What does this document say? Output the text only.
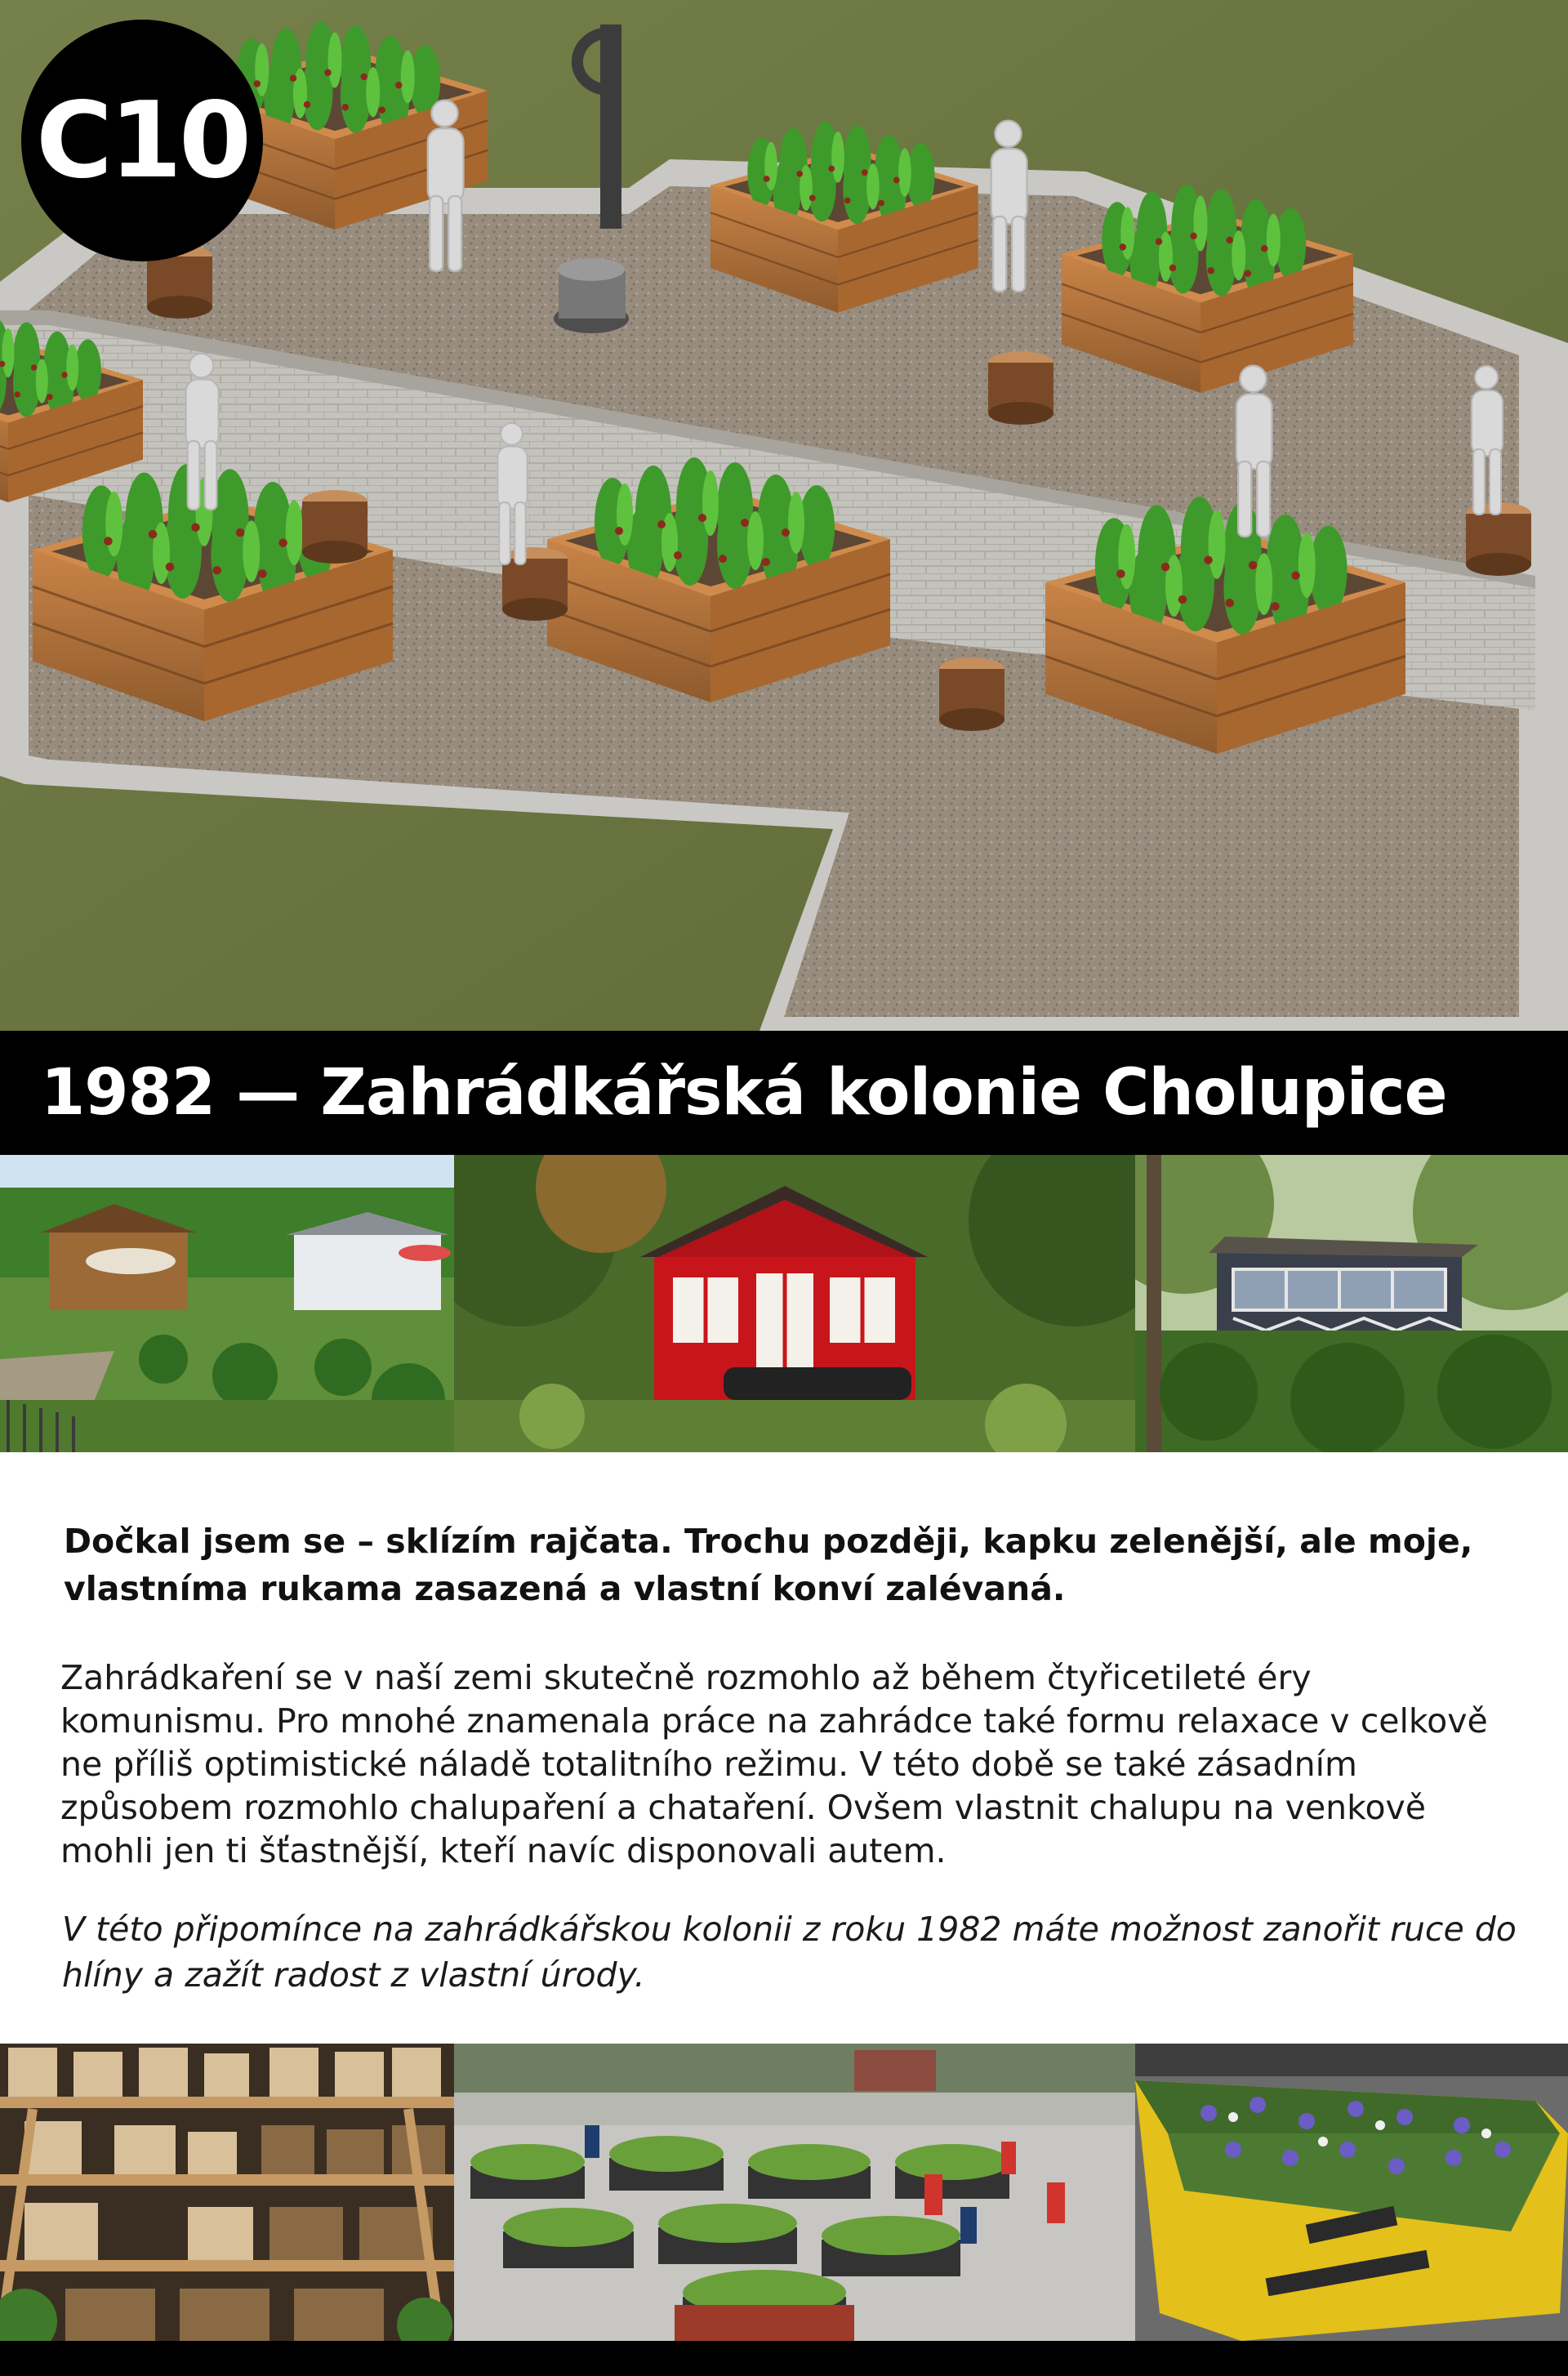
C10
1982 — Zahrádkářská kolonie Cholupice

Dočkal jsem se – sklízím rajčata. Trochu později, kapku zelenější, ale moje, vlastníma rukama zasazená a vlastní konví zalévaná.

Zahrádkaření se v naší zemi skutečně rozmohlo až během čtyřicetileté éry komunismu. Pro mnohé znamenala práce na zahrádce také formu relaxace v celkově ne příliš optimistické náladě totalitního režimu. V této době se také zásadním způsobem rozmohlo chalupaření a chataření. Ovšem vlastnit chalupu na venkově mohli jen ti šťastnější, kteří navíc disponovali autem.

V této připomínce na zahrádkářskou kolonii z roku 1982 máte možnost zanořit ruce do hlíny a zažít radost z vlastní úrody.
